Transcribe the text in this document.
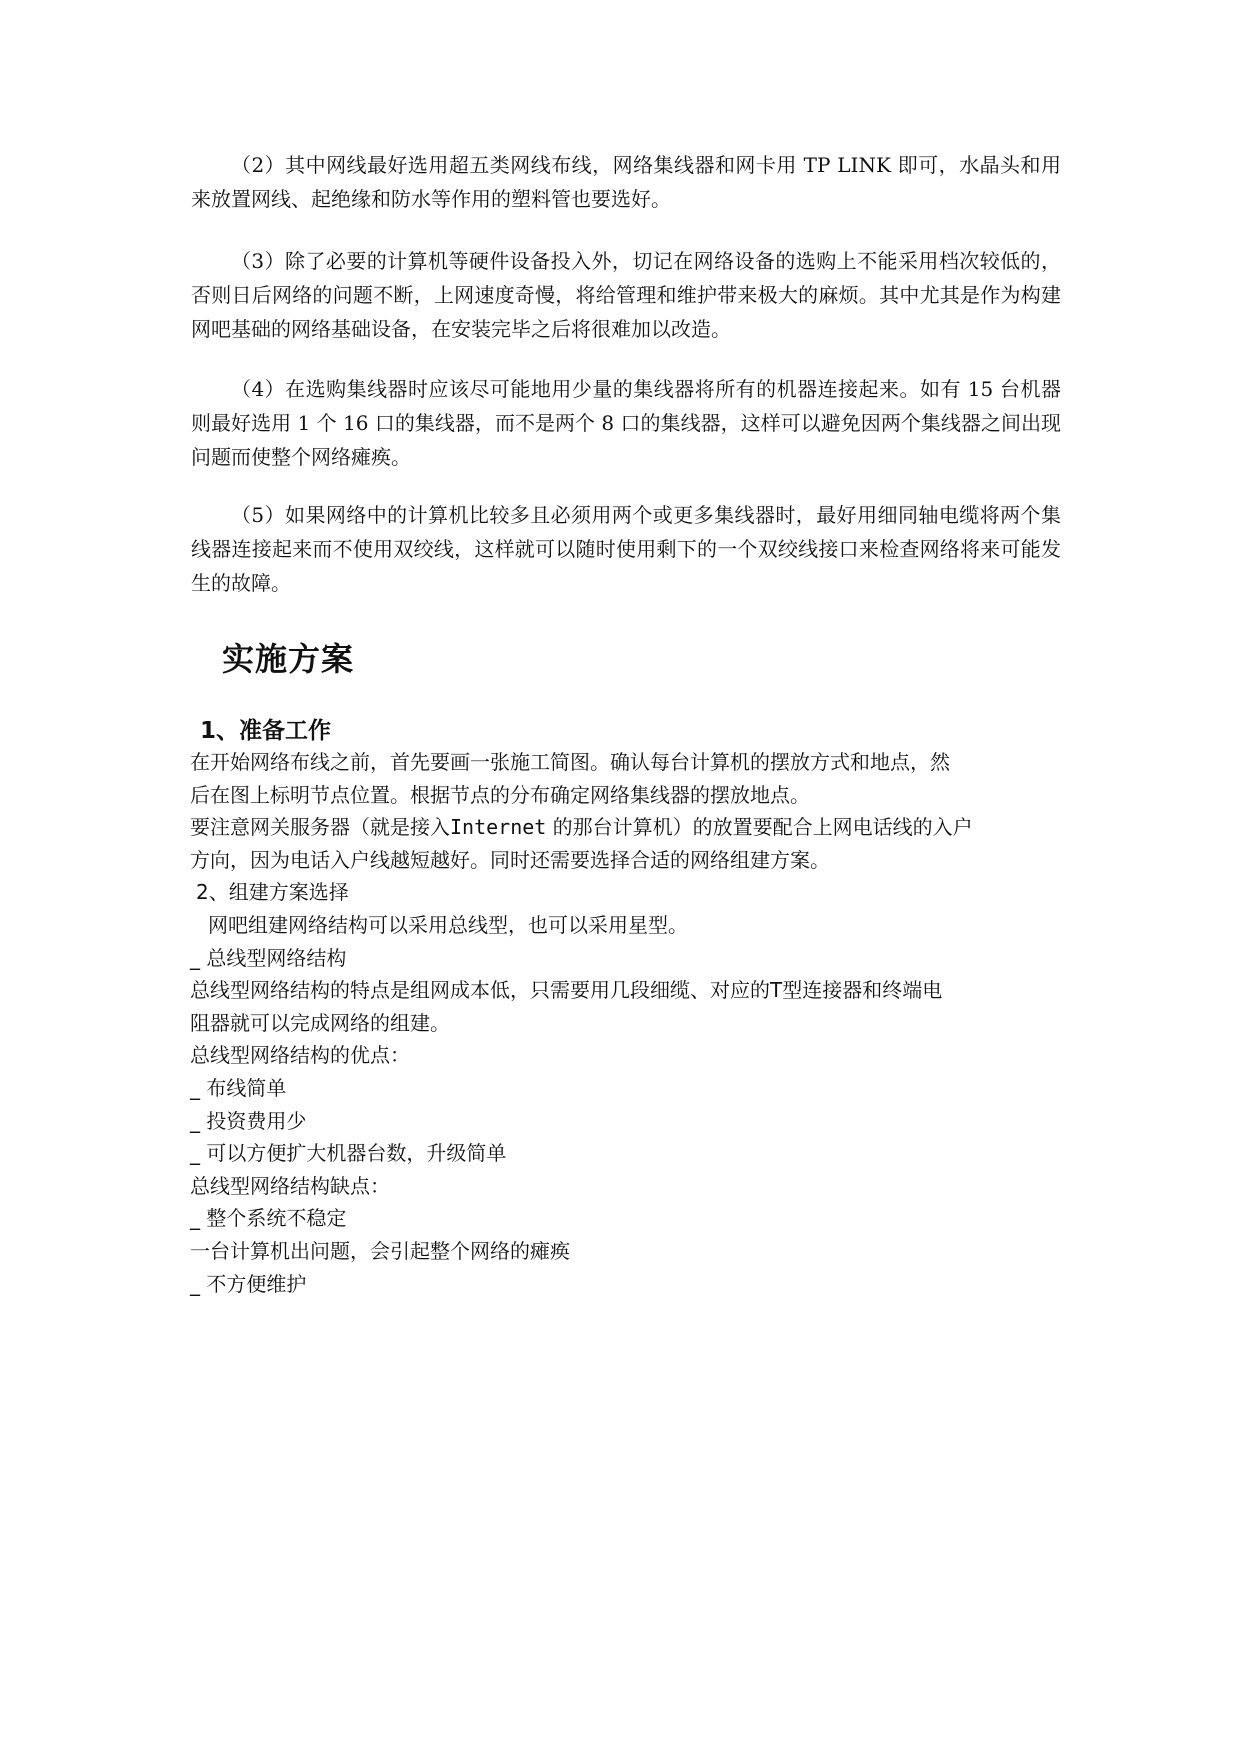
（2）其中网线最好选用超五类网线布线，网络集线器和网卡用 TP LINK 即可，水晶头和用来放置网线、起绝缘和防水等作用的塑料管也要选好。

（3）除了必要的计算机等硬件设备投入外，切记在网络设备的选购上不能采用档次较低的，否则日后网络的问题不断，上网速度奇慢，将给管理和维护带来极大的麻烦。其中尤其是作为构建网吧基础的网络基础设备，在安装完毕之后将很难加以改造。

（4）在选购集线器时应该尽可能地用少量的集线器将所有的机器连接起来。如有 15 台机器则最好选用 1 个 16 口的集线器，而不是两个 8 口的集线器，这样可以避免因两个集线器之间出现问题而使整个网络瘫痪。

（5）如果网络中的计算机比较多且必须用两个或更多集线器时，最好用细同轴电缆将两个集线器连接起来而不使用双绞线，这样就可以随时使用剩下的一个双绞线接口来检查网络将来可能发生的故障。

实施方案
1、准备工作
在开始网络布线之前，首先要画一张施工简图。确认每台计算机的摆放方式和地点，然
后在图上标明节点位置。根据节点的分布确定网络集线器的摆放地点。
要注意网关服务器（就是接入Internet 的那台计算机）的放置要配合上网电话线的入户
方向，因为电话入户线越短越好。同时还需要选择合适的网络组建方案。
2、组建方案选择
网吧组建网络结构可以采用总线型，也可以采用星型。
_ 总线型网络结构
总线型网络结构的特点是组网成本低，只需要用几段细缆、对应的T型连接器和终端电
阻器就可以完成网络的组建。
总线型网络结构的优点：
_ 布线简单
_ 投资费用少
_ 可以方便扩大机器台数，升级简单
总线型网络结构缺点：
_ 整个系统不稳定
一台计算机出问题，会引起整个网络的瘫痪
_ 不方便维护
